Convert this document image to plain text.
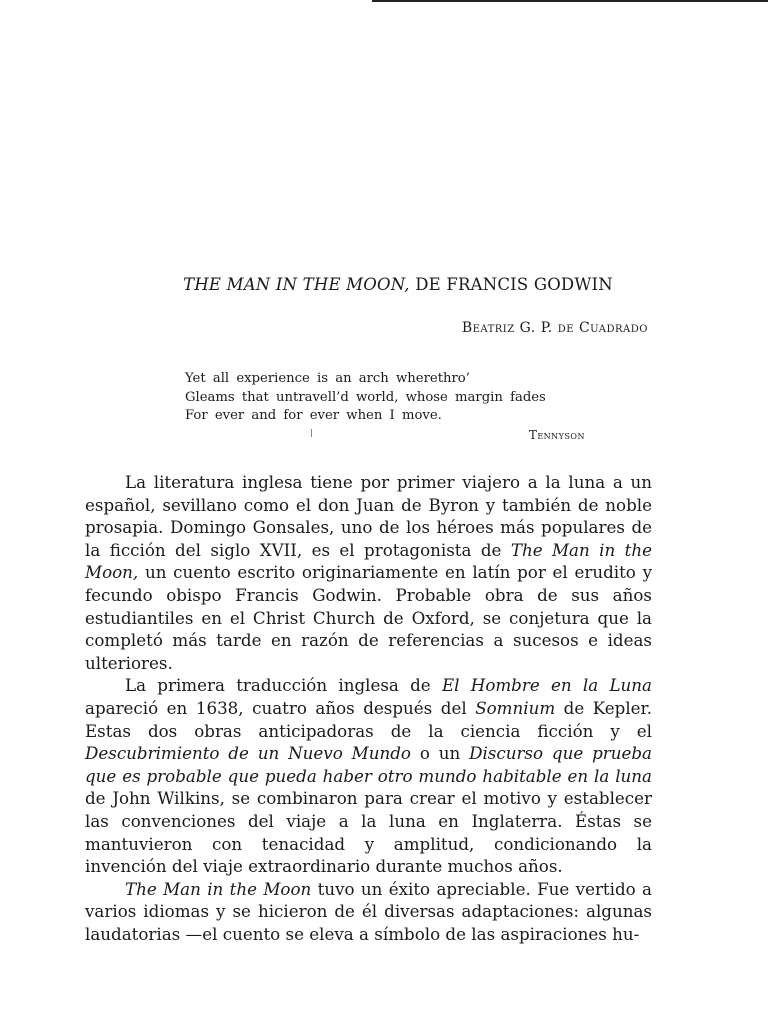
THE MAN IN THE MOON, DE FRANCIS GODWIN
Beatriz G. P. de Cuadrado
Yet all experience is an arch wherethro’
Gleams that untravell’d world, whose margin fades
For ever and for ever when I move.
Tennyson

La literatura inglesa tiene por primer viajero a la luna a un español, sevillano como el don Juan de Byron y también de noble prosapia. Domingo Gonsales, uno de los héroes más populares de la ficción del siglo XVII, es el protagonista de The Man in the Moon, un cuento escrito originariamente en latín por el erudito y fecundo obispo Francis Godwin. Probable obra de sus años estudiantiles en el Christ Church de Oxford, se conjetura que la completó más tarde en razón de referencias a sucesos e ideas ulteriores.

La primera traducción inglesa de El Hombre en la Luna apareció en 1638, cuatro años después del Somnium de Kepler. Estas dos obras anticipadoras de la ciencia ficción y el Descubrimiento de un Nuevo Mundo o un Discurso que prueba que es probable que pueda haber otro mundo habitable en la luna de John Wilkins, se combinaron para crear el motivo y establecer las convenciones del viaje a la luna en Inglaterra. Éstas se mantuvieron con tenacidad y amplitud, condicionando la invención del viaje extraordinario durante muchos años.

The Man in the Moon tuvo un éxito apreciable. Fue vertido a varios idiomas y se hicieron de él diversas adaptaciones: algunas laudatorias —el cuento se eleva a símbolo de las aspiraciones hu-
